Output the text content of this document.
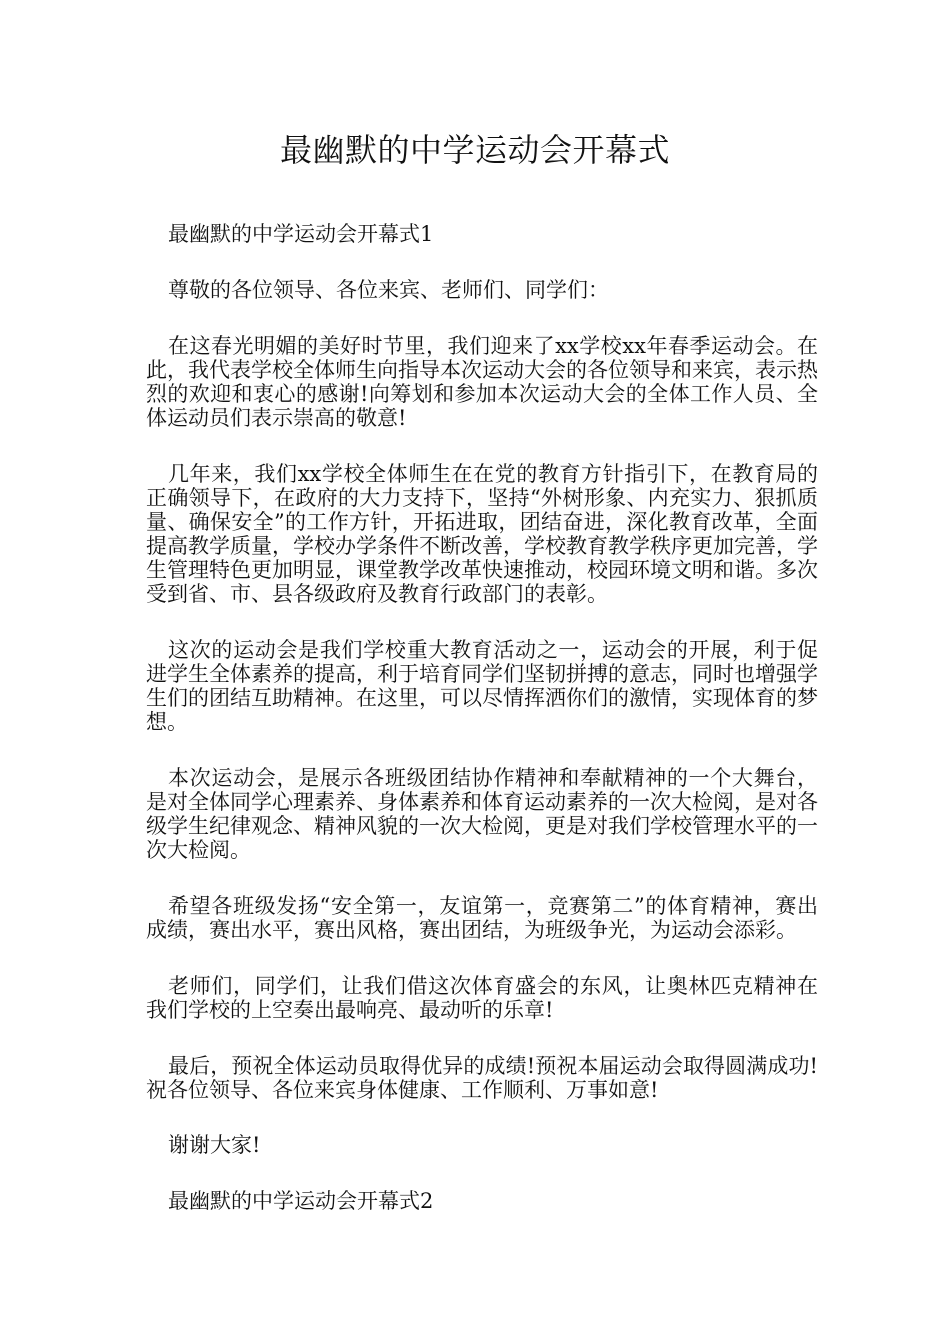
最幽默的中学运动会开幕式

最幽默的中学运动会开幕式1

尊敬的各位领导、各位来宾、老师们、同学们：

在这春光明媚的美好时节里，我们迎来了xx学校xx年春季运动会。在此，我代表学校全体师生向指导本次运动大会的各位领导和来宾，表示热烈的欢迎和衷心的感谢!向筹划和参加本次运动大会的全体工作人员、全体运动员们表示崇高的敬意!

几年来，我们xx学校全体师生在在党的教育方针指引下，在教育局的正确领导下，在政府的大力支持下，坚持“外树形象、内充实力、狠抓质量、确保安全”的工作方针，开拓进取，团结奋进，深化教育改革，全面提高教学质量，学校办学条件不断改善，学校教育教学秩序更加完善，学生管理特色更加明显，课堂教学改革快速推动，校园环境文明和谐。多次受到省、市、县各级政府及教育行政部门的表彰。

这次的运动会是我们学校重大教育活动之一，运动会的开展，利于促进学生全体素养的提高，利于培育同学们坚韧拼搏的意志，同时也增强学生们的团结互助精神。在这里，可以尽情挥洒你们的激情，实现体育的梦想。

本次运动会，是展示各班级团结协作精神和奉献精神的一个大舞台，是对全体同学心理素养、身体素养和体育运动素养的一次大检阅，是对各级学生纪律观念、精神风貌的一次大检阅，更是对我们学校管理水平的一次大检阅。

希望各班级发扬“安全第一，友谊第一，竞赛第二”的体育精神，赛出成绩，赛出水平，赛出风格，赛出团结，为班级争光，为运动会添彩。

老师们，同学们，让我们借这次体育盛会的东风，让奥林匹克精神在我们学校的上空奏出最响亮、最动听的乐章!

最后，预祝全体运动员取得优异的成绩!预祝本届运动会取得圆满成功!祝各位领导、各位来宾身体健康、工作顺利、万事如意!

谢谢大家!

最幽默的中学运动会开幕式2
